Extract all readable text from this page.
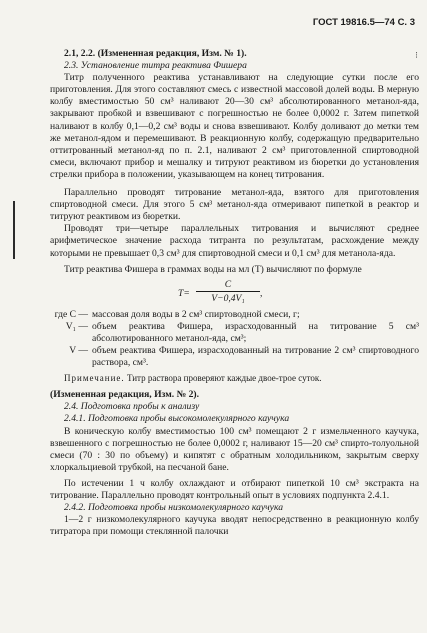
ГОСТ 19816.5—74 С. 3
⁝

2.1, 2.2. (Измененная редакция, Изм. № 1).

2.3. Установление титра реактива Фишера

Титр полученного реактива устанавливают на следующие сутки после его приготовления. Для этого составляют смесь с известной массовой долей воды. В мерную колбу вместимостью 50 см³ наливают 20—30 см³ абсолютированного метанол-яда, закрывают пробкой и взвешивают с погрешностью не более 0,0002 г. Затем пипеткой наливают в колбу 0,1—0,2 см³ воды и снова взвешивают. Колбу доливают до метки тем же метанол-ядом и перемешивают. В реакционную колбу, содержащую предварительно оттитрованный метанол-яд по п. 2.1, наливают 2 см³ приготовленной спиртоводной смеси, включают прибор и мешалку и титруют реактивом из бюретки до установления стрелки прибора в положении, указывающем на конец титрования.

Параллельно проводят титрование метанол-яда, взятого для приготовления спиртоводной смеси. Для этого 5 см³ метанол-яда отмеривают пипеткой в реактор и титруют реактивом из бюретки.

Проводят три—четыре параллельных титрования и вычисляют среднее арифметическое значение расхода титранта по результатам, расхождение между которыми не превышает 0,3 см³ для спиртоводной смеси и 0,1 см³ для метанола-яда.

Титр реактива Фишера в граммах воды на мл (Т) вычисляют по формуле

$T= \frac{C}{\text{V−0,4V₁}}$ ,
где C — массовая доля воды в 2 см³ спиртоводной смеси, г;
V₁ — объем реактива Фишера, израсходованный на титрование 5 см³ абсолютированного метанол-яда, см³;
V — объем реактива Фишера, израсходованный на титрование 2 см³ спиртоводного раствора, см³.

Примечание. Титр раствора проверяют каждые двое-трое суток.

(Измененная редакция, Изм. № 2).

2.4. Подготовка пробы к анализу

2.4.1. Подготовка пробы высокомолекулярного каучука

В коническую колбу вместимостью 100 см³ помещают 2 г измельченного каучука, взвешенного с погрешностью не более 0,0002 г, наливают 15—20 см³ спирто-толуольной смеси (70 : 30 по объему) и кипятят с обратным холодильником, закрытым сверху хлоркальциевой трубкой, на песчаной бане.

По истечении 1 ч колбу охлаждают и отбирают пипеткой 10 см³ экстракта на титрование. Параллельно проводят контрольный опыт в условиях подпункта 2.4.1.

2.4.2. Подготовка пробы низкомолекулярного каучука

1—2 г низкомолекулярного каучука вводят непосредственно в реакционную колбу титратора при помощи стеклянной палочки
